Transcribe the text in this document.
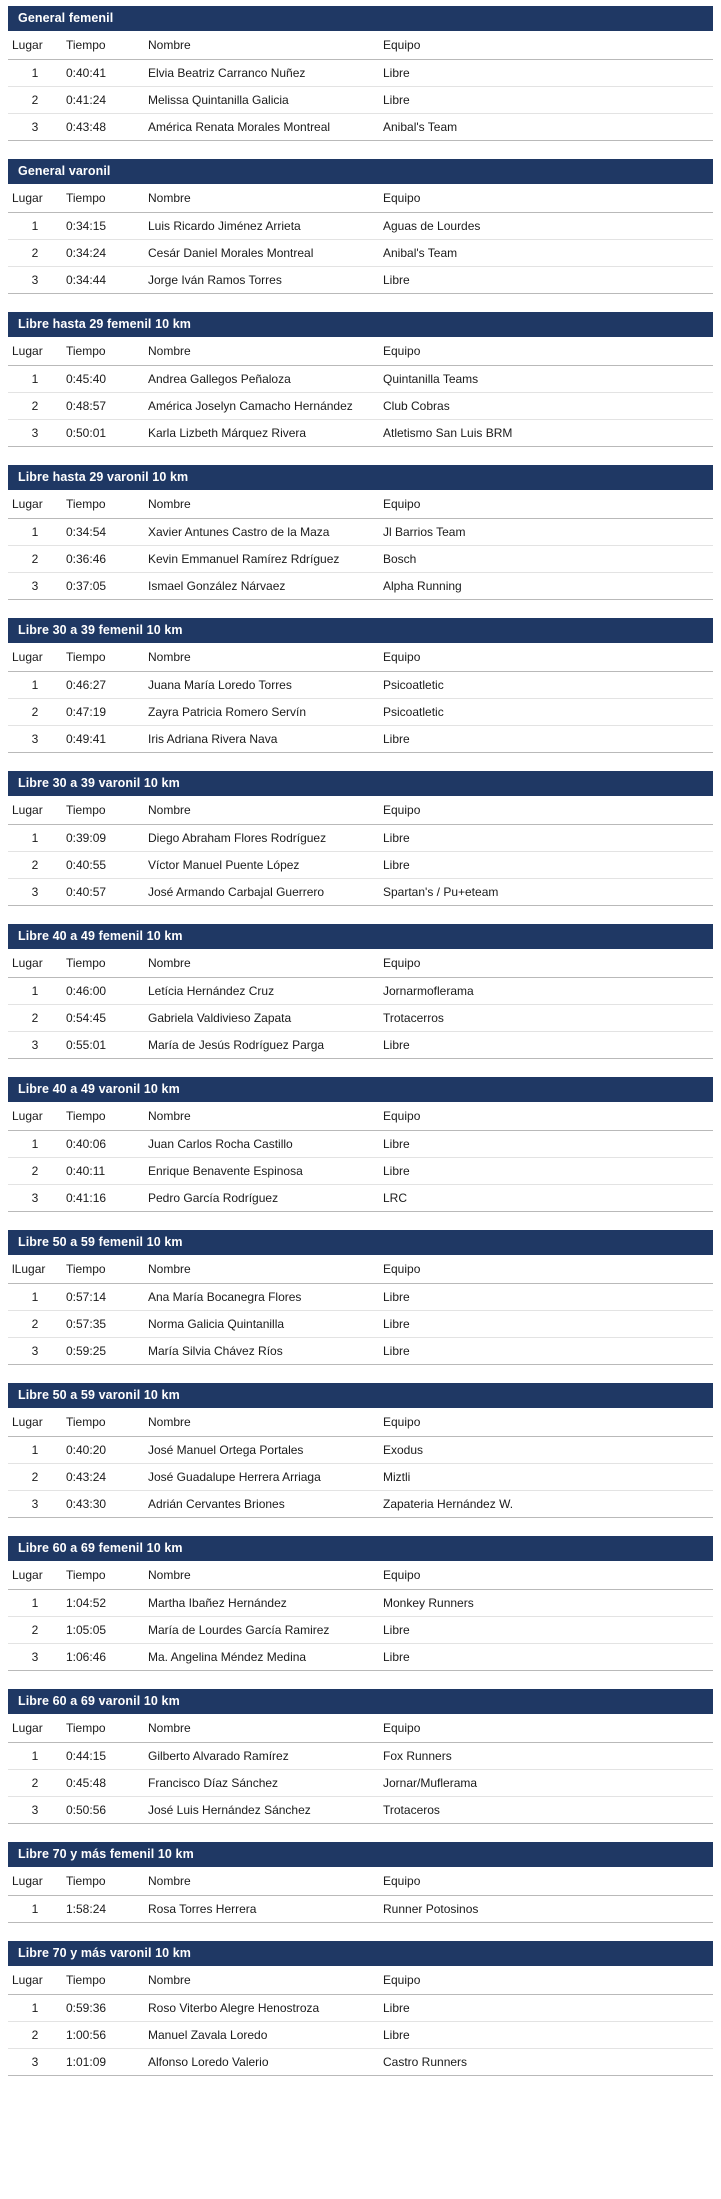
General femenil
Lugar	Tiempo	Nombre	Equipo
1	0:40:41	Elvia Beatriz Carranco Nuñez	Libre
2	0:41:24	Melissa Quintanilla Galicia	Libre
3	0:43:48	América Renata Morales Montreal	Anibal's Team
General varonil
Lugar	Tiempo	Nombre	Equipo
1	0:34:15	Luis Ricardo Jiménez Arrieta	Aguas de Lourdes
2	0:34:24	Cesár Daniel Morales Montreal	Anibal's Team
3	0:34:44	Jorge Iván Ramos Torres	Libre
Libre hasta 29 femenil 10 km
Lugar	Tiempo	Nombre	Equipo
1	0:45:40	Andrea Gallegos Peñaloza	Quintanilla Teams
2	0:48:57	América Joselyn Camacho Hernández	Club Cobras
3	0:50:01	Karla Lizbeth Márquez Rivera	Atletismo San Luis BRM
Libre hasta 29 varonil 10 km
Lugar	Tiempo	Nombre	Equipo
1	0:34:54	Xavier Antunes Castro de la Maza	Jl Barrios Team
2	0:36:46	Kevin Emmanuel Ramírez Rdríguez	Bosch
3	0:37:05	Ismael González Nárvaez	Alpha Running
Libre 30 a 39 femenil 10 km
Lugar	Tiempo	Nombre	Equipo
1	0:46:27	Juana María Loredo Torres	Psicoatletic
2	0:47:19	Zayra Patricia Romero Servín	Psicoatletic
3	0:49:41	Iris Adriana Rivera Nava	Libre
Libre 30 a 39 varonil 10 km
Lugar	Tiempo	Nombre	Equipo
1	0:39:09	Diego Abraham Flores Rodríguez	Libre
2	0:40:55	Víctor Manuel Puente López	Libre
3	0:40:57	José Armando Carbajal Guerrero	Spartan's / Pu+eteam
Libre 40 a 49 femenil 10 km
Lugar	Tiempo	Nombre	Equipo
1	0:46:00	Letícia Hernández Cruz	Jornarmoflerama
2	0:54:45	Gabriela Valdivieso Zapata	Trotacerros
3	0:55:01	María de Jesús Rodríguez Parga	Libre
Libre 40 a 49 varonil 10 km
Lugar	Tiempo	Nombre	Equipo
1	0:40:06	Juan Carlos Rocha Castillo	Libre
2	0:40:11	Enrique Benavente Espinosa	Libre
3	0:41:16	Pedro García Rodríguez	LRC
Libre 50 a 59 femenil 10 km
lLugar	Tiempo	Nombre	Equipo
1	0:57:14	Ana María Bocanegra Flores	Libre
2	0:57:35	Norma Galicia Quintanilla	Libre
3	0:59:25	María Silvia Chávez Ríos	Libre
Libre 50 a 59 varonil 10 km
Lugar	Tiempo	Nombre	Equipo
1	0:40:20	José Manuel Ortega Portales	Exodus
2	0:43:24	José Guadalupe Herrera Arriaga	Miztli
3	0:43:30	Adrián Cervantes Briones	Zapateria Hernández W.
Libre 60 a 69 femenil 10 km
Lugar	Tiempo	Nombre	Equipo
1	1:04:52	Martha Ibañez Hernández	Monkey Runners
2	1:05:05	María de Lourdes García Ramirez	Libre
3	1:06:46	Ma. Angelina Méndez Medina	Libre
Libre 60 a 69 varonil 10 km
Lugar	Tiempo	Nombre	Equipo
1	0:44:15	Gilberto Alvarado Ramírez	Fox Runners
2	0:45:48	Francisco Díaz Sánchez	Jornar/Muflerama
3	0:50:56	José Luis Hernández Sánchez	Trotaceros
Libre 70 y más femenil 10 km
Lugar	Tiempo	Nombre	Equipo
1	1:58:24	Rosa Torres Herrera	Runner Potosinos
Libre 70 y más varonil 10 km
Lugar	Tiempo	Nombre	Equipo
1	0:59:36	Roso Viterbo Alegre Henostroza	Libre
2	1:00:56	Manuel Zavala Loredo	Libre
3	1:01:09	Alfonso Loredo Valerio	Castro Runners
